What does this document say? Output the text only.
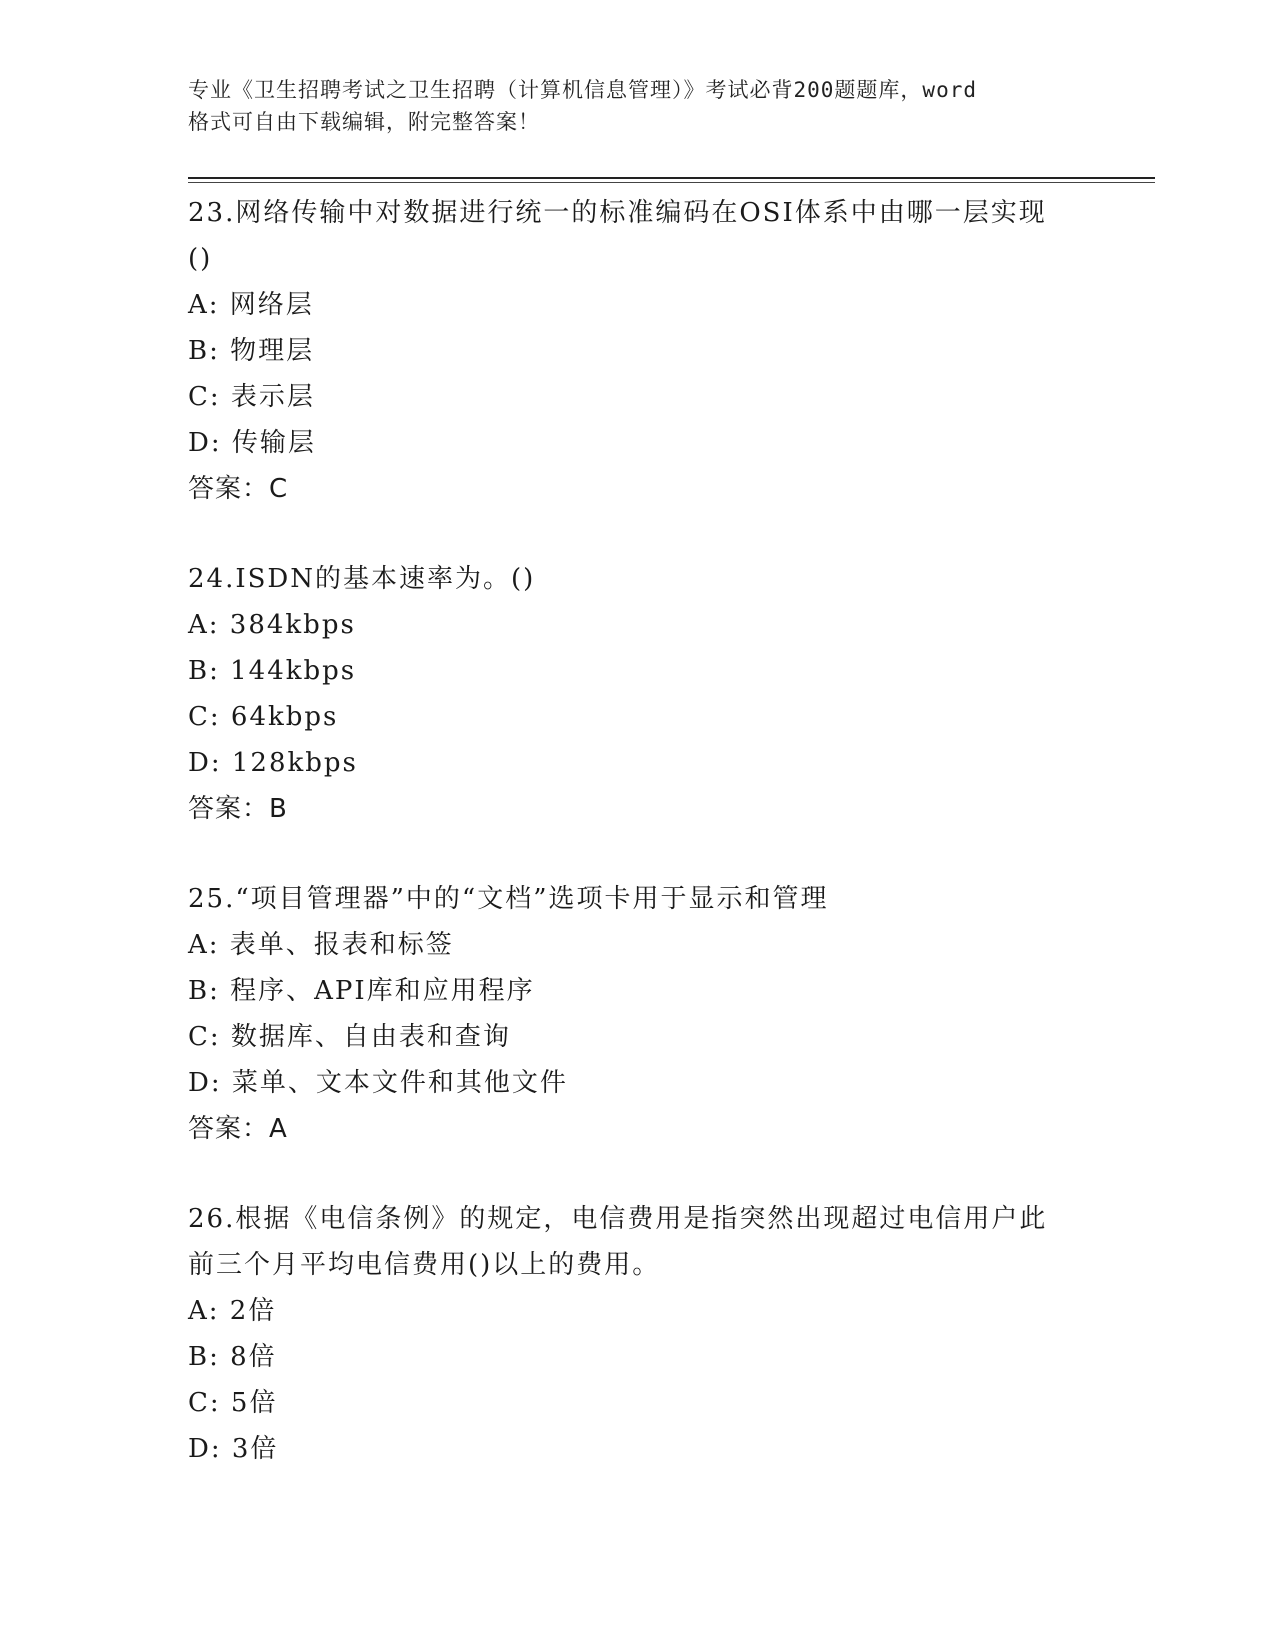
专业《卫生招聘考试之卫生招聘（计算机信息管理）》考试必背200题题库，word
格式可自由下载编辑，附完整答案！

23.网络传输中对数据进行统一的标准编码在OSI体系中由哪一层实现

()

A: 网络层

B: 物理层

C: 表示层

D: 传输层

答案：C

24.ISDN的基本速率为。()

A: 384kbps

B: 144kbps

C: 64kbps

D: 128kbps

答案：B

25.“项目管理器”中的“文档”选项卡用于显示和管理

A: 表单、报表和标签

B: 程序、API库和应用程序

C: 数据库、自由表和查询

D: 菜单、文本文件和其他文件

答案：A

26.根据《电信条例》的规定，电信费用是指突然出现超过电信用户此

前三个月平均电信费用()以上的费用。

A: 2倍

B: 8倍

C: 5倍

D: 3倍
